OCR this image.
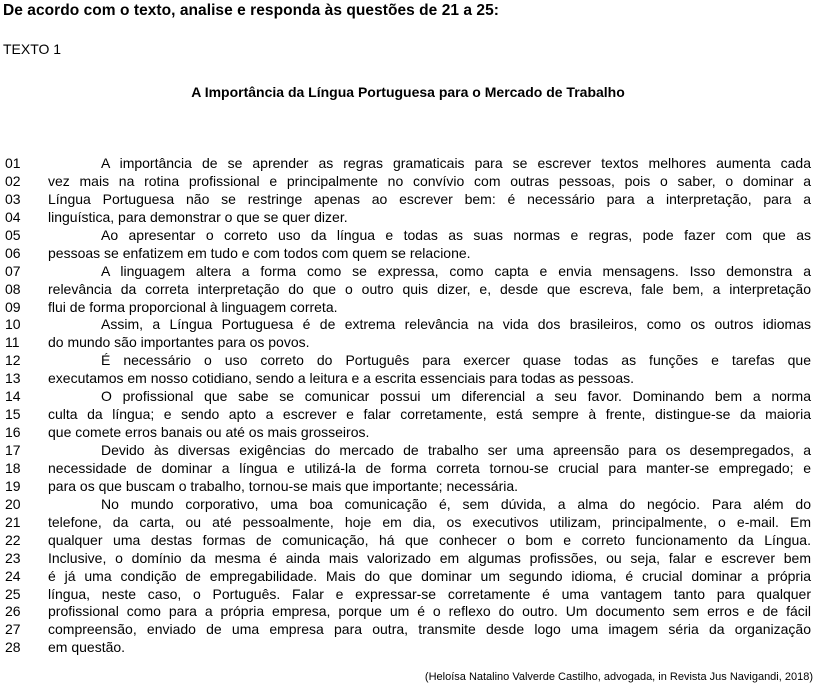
De acordo com o texto, analise e responda às questões de 21 a 25:
TEXTO 1
A Importância da Língua Portuguesa para o Mercado de Trabalho
01	A importância de se aprender as regras gramaticais para se escrever textos melhores aumenta cada
02	vez mais na rotina profissional e principalmente no convívio com outras pessoas, pois o saber, o dominar a
03	Língua Portuguesa não se restringe apenas ao escrever bem: é necessário para a interpretação, para a
04	linguística, para demonstrar o que se quer dizer.
05	Ao apresentar o correto uso da língua e todas as suas normas e regras, pode fazer com que as
06	pessoas se enfatizem em tudo e com todos com quem se relacione.
07	A linguagem altera a forma como se expressa, como capta e envia mensagens. Isso demonstra a
08	relevância da correta interpretação do que o outro quis dizer, e, desde que escreva, fale bem, a interpretação
09	flui de forma proporcional à linguagem correta.
10	Assim, a Língua Portuguesa é de extrema relevância na vida dos brasileiros, como os outros idiomas
11	do mundo são importantes para os povos.
12	É necessário o uso correto do Português para exercer quase todas as funções e tarefas que
13	executamos em nosso cotidiano, sendo a leitura e a escrita essenciais para todas as pessoas.
14	O profissional que sabe se comunicar possui um diferencial a seu favor. Dominando bem a norma
15	culta da língua; e sendo apto a escrever e falar corretamente, está sempre à frente, distingue-se da maioria
16	que comete erros banais ou até os mais grosseiros.
17	Devido às diversas exigências do mercado de trabalho ser uma apreensão para os desempregados, a
18	necessidade de dominar a língua e utilizá-la de forma correta tornou-se crucial para manter-se empregado; e
19	para os que buscam o trabalho, tornou-se mais que importante; necessária.
20	No mundo corporativo, uma boa comunicação é, sem dúvida, a alma do negócio. Para além do
21	telefone, da carta, ou até pessoalmente, hoje em dia, os executivos utilizam, principalmente, o e-mail. Em
22	qualquer uma destas formas de comunicação, há que conhecer o bom e correto funcionamento da Língua.
23	Inclusive, o domínio da mesma é ainda mais valorizado em algumas profissões, ou seja, falar e escrever bem
24	é já uma condição de empregabilidade. Mais do que dominar um segundo idioma, é crucial dominar a própria
25	língua, neste caso, o Português. Falar e expressar-se corretamente é uma vantagem tanto para qualquer
26	profissional como para a própria empresa, porque um é o reflexo do outro. Um documento sem erros e de fácil
27	compreensão, enviado de uma empresa para outra, transmite desde logo uma imagem séria da organização
28	em questão.
(Heloísa Natalino Valverde Castilho, advogada, in Revista Jus Navigandi, 2018)
